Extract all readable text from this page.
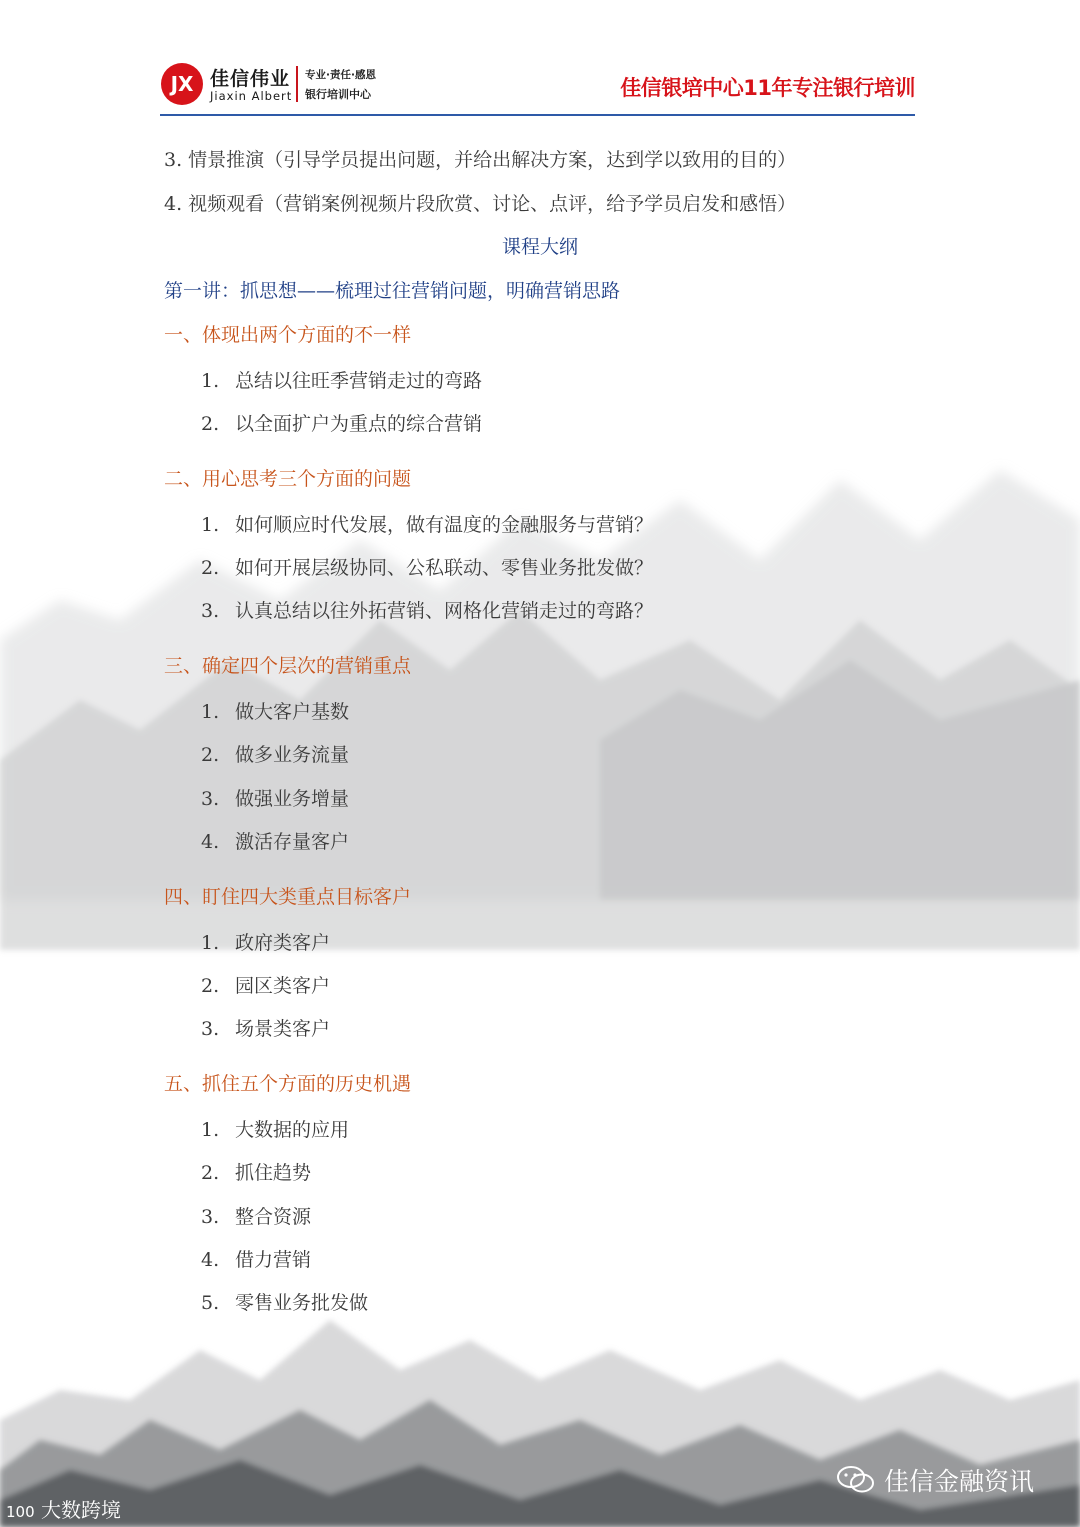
JX 佳信伟业
Jiaxin Albert
专业·责任·感恩
银行培训中心	佳信银培中心11年专注银行培训
3. 情景推演（引导学员提出问题，并给出解决方案，达到学以致用的目的）
4. 视频观看（营销案例视频片段欣赏、讨论、点评，给予学员启发和感悟）
课程大纲
第一讲：抓思想——梳理过往营销问题，明确营销思路
一、体现出两个方面的不一样
1. 总结以往旺季营销走过的弯路
2. 以全面扩户为重点的综合营销
二、用心思考三个方面的问题
1. 如何顺应时代发展，做有温度的金融服务与营销？
2. 如何开展层级协同、公私联动、零售业务批发做？
3. 认真总结以往外拓营销、网格化营销走过的弯路？
三、确定四个层次的营销重点
1. 做大客户基数
2. 做多业务流量
3. 做强业务增量
4. 激活存量客户
四、盯住四大类重点目标客户
1. 政府类客户
2. 园区类客户
3. 场景类客户
五、抓住五个方面的历史机遇
1. 大数据的应用
2. 抓住趋势
3. 整合资源
4. 借力营销
5. 零售业务批发做
100 大数跨境
佳信金融资讯
